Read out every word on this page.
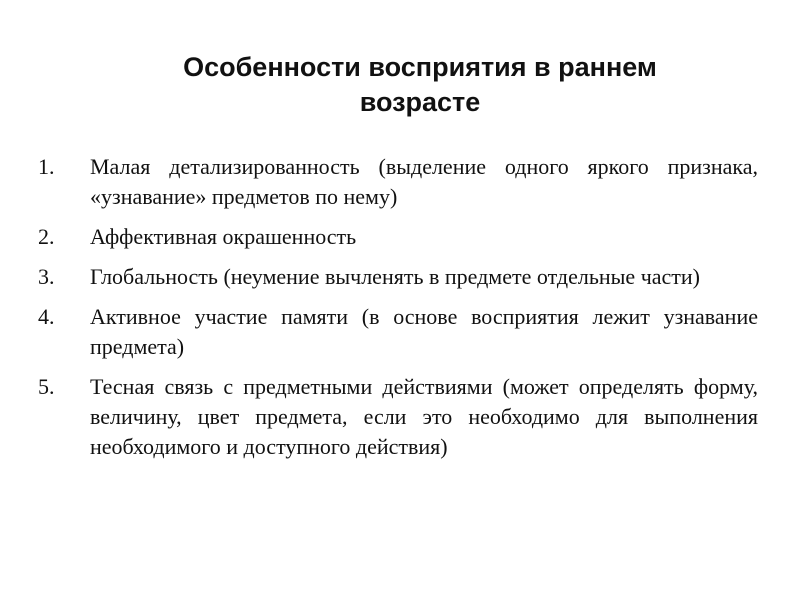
Особенности восприятия в раннем
возрасте
1. Малая детализированность (выделение одного яркого признака, «узнавание» предметов по нему)
2. Аффективная окрашенность
3. Глобальность (неумение вычленять в предмете отдельные части)
4. Активное участие памяти (в основе восприятия лежит узнавание предмета)
5. Тесная связь с предметными действиями (может определять форму, величину, цвет предмета, если это необходимо для выполнения необходимого и доступного действия)
